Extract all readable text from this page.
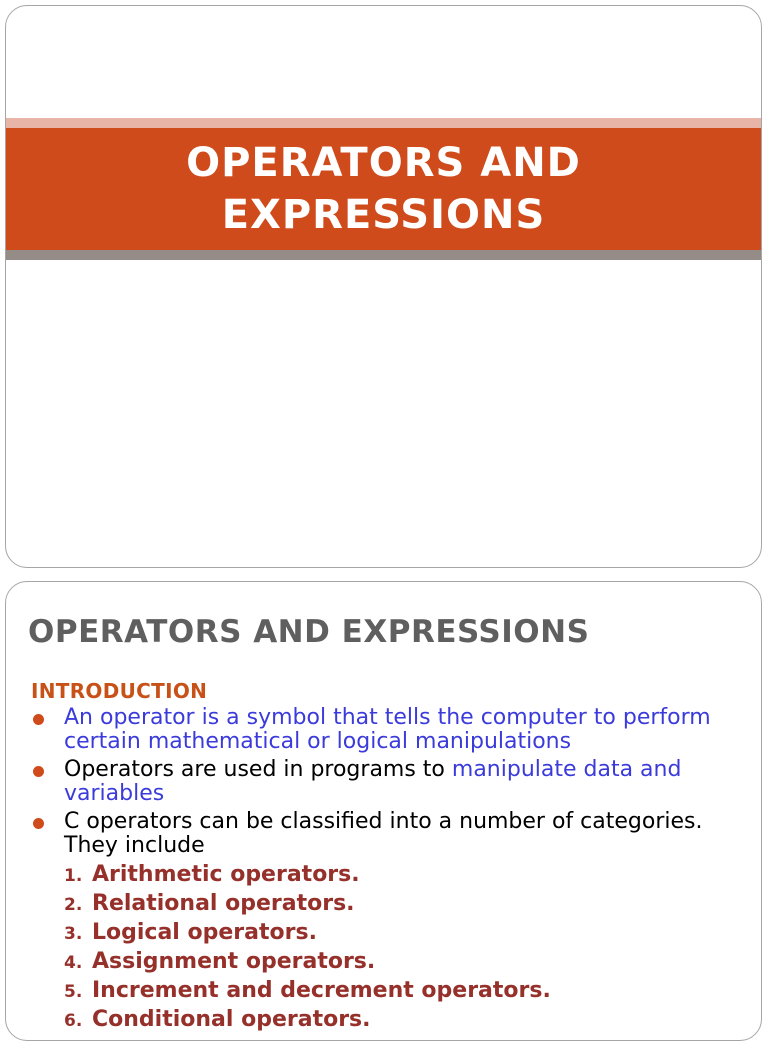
OPERATORS AND
EXPRESSIONS
OPERATORS AND EXPRESSIONS
INTRODUCTION
An operator is a symbol that tells the computer to perform certain mathematical or logical manipulations
Operators are used in programs to manipulate data and variables
C operators can be classified into a number of categories. They include
1. Arithmetic operators.
2. Relational operators.
3. Logical operators.
4. Assignment operators.
5. Increment and decrement operators.
6. Conditional operators.
